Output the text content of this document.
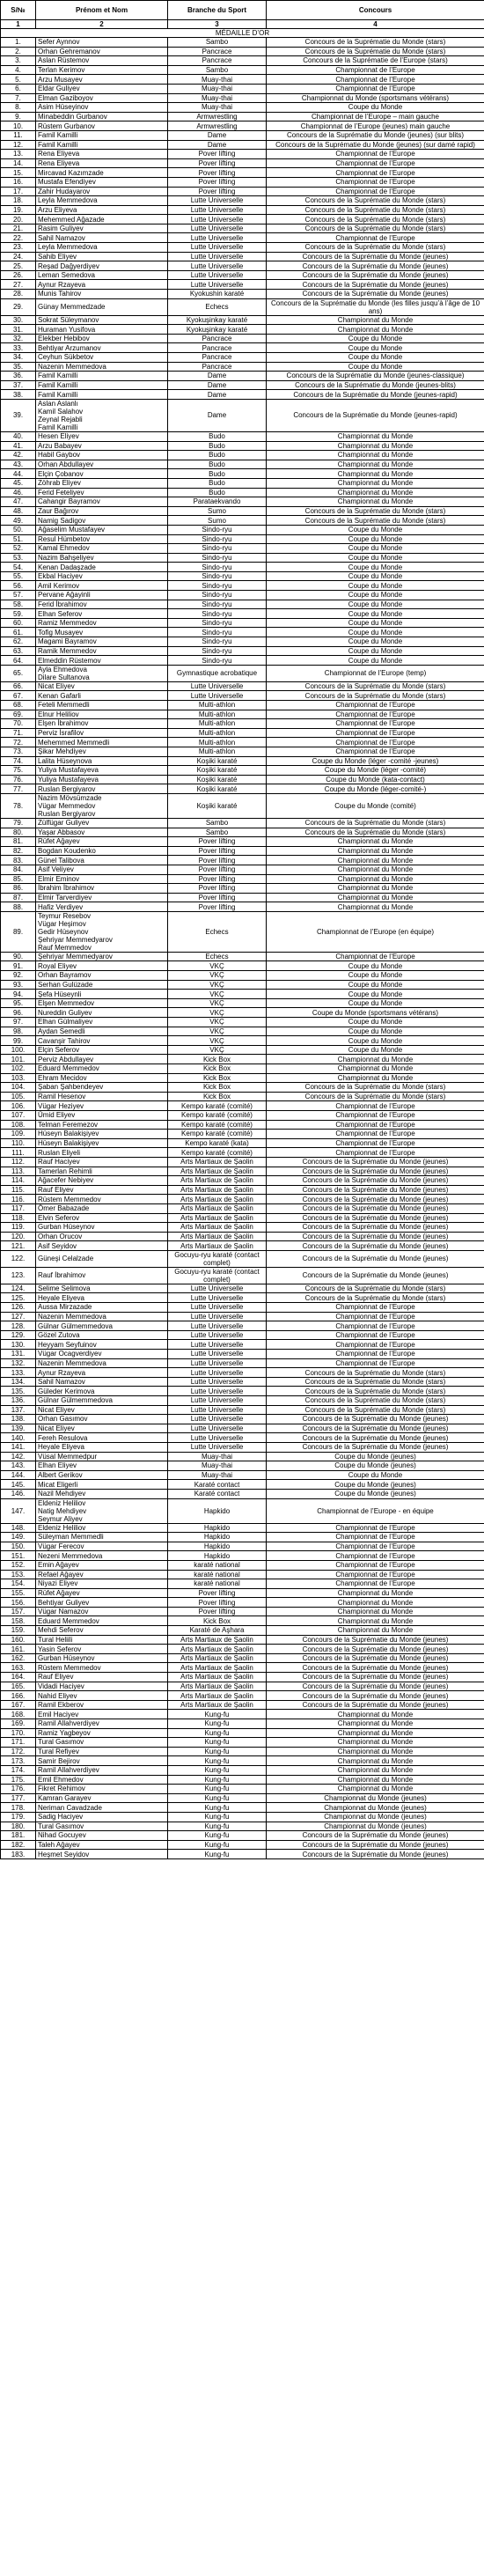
S/№	Prénom et Nom	Branche du Sport	Concours
1	2	3	4
MÉDAILLE D’OR			
1.	Sefer Aynnov	Sambo	Concours de la Suprématie du Monde (stars)
2.	Orhan Gehremanov	Pancrace	Concours de la Suprématie du Monde (stars)
3.	Aslan Rüstemov	Pancrace	Concours de la Suprématie de l’Europe (stars)
4.	Terlan Kerimov	Sambo	Championnat de l’Europe
5.	Arzu Musayev	Muay-thai	Championnat de l’Europe
6.	Eldar Guliyev	Muay-thai	Championnat de l’Europe
7.	Elman Gaziboyov	Muay-thai	Championnat du Monde (sportsmans vétérans)
8.	Asim Hüseyinov	Muay-thai	Coupe du Monde
9.	Minabeddin Gurbanov	Armwrestling	Championnat de l’Europe – main gauche
10.	Rüstem Gurbanov	Armwrestling	Championnat de l’Europe (jeunes) main gauche
11.	Famil Kamilli	Dame	Concours de la Suprématie du Monde (jeunes) (sur blits)
12.	Famil Kamilli	Dame	Concours de la Suprématie du Monde (jeunes) (sur damé rapid)
13.	Rena Eliyeva	Pover lifting	Championnat de l’Europe
14.	Rena Eliyeva	Pover lifting	Championnat de l’Europe
15.	Mircavad Kazımzade	Pover lifting	Championnat de l’Europe
16.	Mustafa Efendiyev	Pover lifting	Championnat de l’Europe
17.	Zahir Hudayarov	Pover lifting	Championnat de l’Europe
18.	Leyla Memmedova	Lutte Universelle	Concours de la Suprématie du Monde (stars)
19.	Arzu Eliyeva	Lutte Universelle	Concours de la Suprématie du Monde (stars)
20.	Mehemmed Ağazade	Lutte Universelle	Concours de la Suprématie du Monde (stars)
21.	Rasim Guliyev	Lutte Universelle	Concours de la Suprématie du Monde (stars)
22.	Sahil Namazov	Lutte Universelle	Championnat de l’Europe
23.	Leyla Memmedova	Lutte Universelle	Concours de la Suprématie du Monde (stars)
24.	Sahib Eliyev	Lutte Universelle	Concours de la Suprématie du Monde (jeunes)
25.	Reşad Dağyerdiyev	Lutte Universelle	Concours de la Suprématie du Monde (jeunes)
26.	Leman Semedova	Lutte Universelle	Concours de la Suprématie du Monde (jeunes)
27.	Aynur Rzayeva	Lutte Universelle	Concours de la Suprématie du Monde (jeunes)
28.	Munis Tahirov	Kyokushin karaté	Concours de la Suprématie du Monde (jeunes)
29.	Günay Memmedzade	Echecs	Concours de la Suprématie du Monde (les filles jusqu’à l’âge de 10 ans)
30.	Sokrat Süleymanov	Kyokuşinkay karaté	Championnat du Monde
31.	Huraman Yusifova	Kyokuşinkay karaté	Championnat du Monde
32.	Elekber Hebibov	Pancrace	Coupe du Monde
33.	Behtiyar Arzumanov	Pancrace	Coupe du Monde
34.	Ceyhun Sükbetov	Pancrace	Coupe du Monde
35.	Nazenin Memmedova	Pancrace	Coupe du Monde
36.	Famil Kamilli	Dame	Concours de la Suprématie du Monde (jeunes-classique)
37.	Famil Kamilli	Dame	Concours de la Suprématie du Monde (jeunes-blits)
38.	Famil Kamilli	Dame	Concours de la Suprématie du Monde (jeunes-rapid)
39.	Aslan Aslanlı
Kamil Salahov
Zeynal Rejabli
Famil Kamilli	Dame	Concours de la Suprématie du Monde (jeunes-rapid)
40.	Hesen Eliyev	Budo	Championnat du Monde
41.	Arzu Babayev	Budo	Championnat du Monde
42.	Habil Gaybov	Budo	Championnat du Monde
43.	Orhan Abdullayev	Budo	Championnat du Monde
44.	Elçin Çobanov	Budo	Championnat du Monde
45.	Zöhrab Eliyev	Budo	Championnat du Monde
46.	Ferid Feteliyev	Budo	Championnat du Monde
47.	Cahangir Bayramov	Parataekvando	Championnat du Monde
48.	Zaur Bağırov	Sumo	Concours de la Suprématie du Monde (stars)
49.	Namig Sadigov	Sumo	Concours de la Suprématie du Monde (stars)
50.	Ağaselim Mustafayev	Sindo-ryu	Coupe du Monde
51.	Resul Hümbetov	Sindo-ryu	Coupe du Monde
52.	Kamal Ehmedov	Sindo-ryu	Coupe du Monde
53.	Nazim Bahşeliyev	Sindo-ryu	Coupe du Monde
54.	Kenan Dadaşzade	Sindo-ryu	Coupe du Monde
55.	Ekbal Haciyev	Sindo-ryu	Coupe du Monde
56.	Amil Kerimov	Sindo-ryu	Coupe du Monde
57.	Pervane Ağayinli	Sindo-ryu	Coupe du Monde
58.	Ferid İbrahimov	Sindo-ryu	Coupe du Monde
59.	Elhan Seferov	Sindo-ryu	Coupe du Monde
60.	Ramiz Memmedov	Sindo-ryu	Coupe du Monde
61.	Tofig Musayev	Sindo-ryu	Coupe du Monde
62.	Magami Bayramov	Sindo-ryu	Coupe du Monde
63.	Ramik Memmedov	Sindo-ryu	Coupe du Monde
64.	Elmeddin Rüstemov	Sindo-ryu	Coupe du Monde
65.	Ayla Ehmedova
Dilare Sultanova	Gymnastique acrobatique	Championnat de l’Europe (temp)
66.	Nicat Eliyev	Lutte Universelle	Concours de la Suprématie du Monde (stars)
67.	Kenan Gafarli	Lutte Universelle	Concours de la Suprématie du Monde (stars)
68.	Feteli Memmedli	Multi-athlon	Championnat de l’Europe
69.	Elnur Heliliov	Multi-athlon	Championnat de l’Europe
70.	Elşen İbrahimov	Multi-athlon	Championnat de l’Europe
71.	Perviz İsrafilov	Multi-athlon	Championnat de l’Europe
72.	Mehemmed Memmedli	Multi-athlon	Championnat de l’Europe
73.	Şikar Mehdiyev	Multi-athlon	Championnat de l’Europe
74.	Lalita Hüseynova	Koşiki karaté	Coupe du Monde (léger -comité -jeunes)
75.	Yuliya Mustafayeva	Koşiki karaté	Coupe du Monde (léger -comité)
76.	Yuliya Mustafayeva	Koşiki karaté	Coupe du Monde (kata-contact)
77.	Ruslan Bergiyarov	Koşiki karaté	Coupe du Monde (léger-comité-)
78.	Nazim Mövsümzade
Vügar Memmedov
Ruslan Bergiyarov	Koşiki karaté	Coupe du Monde (comité)
79.	Zülfügar Guliyev	Sambo	Concours de la Suprématie du Monde (stars)
80.	Yaşar Abbasov	Sambo	Concours de la Suprématie du Monde (stars)
81.	Rüfet Ağayev	Pover lifting	Championnat du Monde
82.	Bogdan Koudenko	Pover lifting	Championnat du Monde
83.	Günel Talibova	Pover lifting	Championnat du Monde
84.	Asif Veliyev	Pover lifting	Championnat du Monde
85.	Elmir Eminov	Pover lifting	Championnat du Monde
86.	İbrahim İbrahimov	Pover lifting	Championnat du Monde
87.	Elmir Tarverdiyev	Pover lifting	Championnat du Monde
88.	Hafiz Verdiyev	Pover lifting	Championnat du Monde
89.	Teymur Resebov
Vügar Heşimov
Gedir Hüseynov
Şehriyar Memmedyarov
Rauf Memmedov	Echecs	Championnat de l’Europe (en équipe)
90.	Şehriyar Memmedyarov	Echecs	Championnat de l’Europe
91.	Royal Eliyev	VKÇ	Coupe du Monde
92.	Orhan Bayramov	VKÇ	Coupe du Monde
93.	Serhan Gulüzade	VKÇ	Coupe du Monde
94.	Şefa Hüseynli	VKÇ	Coupe du Monde
95.	Elşen Memmedov	VKÇ	Coupe du Monde
96.	Nureddin Guliyev	VKÇ	Coupe du Monde (sportsmans vétérans)
97.	Elhan Gülmaliyev	VKÇ	Coupe du Monde
98.	Aydan Semedli	VKÇ	Coupe du Monde
99.	Cavanşir Tahirov	VKÇ	Coupe du Monde
100.	Elçin Seferov	VKÇ	Coupe du Monde
101.	Perviz Abdullayev	Kick Box	Championnat du Monde
102.	Eduard Memmedov	Kick Box	Championnat du Monde
103.	Ehram Mecidov	Kick Box	Championnat du Monde
104.	Şaban Şahbendeyev	Kick Box	Concours de la Suprématie du Monde (stars)
105.	Ramil Hesenov	Kick Box	Concours de la Suprématie du Monde (stars)
106.	Vügar Heziyev	Kempo karaté (comité)	Championnat de l’Europe
107.	Ümid Eliyev	Kempo karaté (comité)	Championnat de l’Europe
108.	Telman Feremezov	Kempo karaté (comité)	Championnat de l’Europe
109.	Hüseyn Balakişiyev	Kempo karaté (comité)	Championnat de l’Europe
110.	Hüseyn Balakişiyev	Kempo karaté (kata)	Championnat de l’Europe
111.	Ruslan Eliyeli	Kempo karaté (comité)	Championnat de l’Europe
112.	Rauf Haciyev	Arts Martiaux de Şaolin	Concours de la Suprématie du Monde (jeunes)
113.	Tamerlan Rehimli	Arts Martiaux de Şaolin	Concours de la Suprématie du Monde (jeunes)
114.	Ağacefer Nebiyev	Arts Martiaux de Şaolin	Concours de la Suprématie du Monde (jeunes)
115.	Rauf Eliyev	Arts Martiaux de Şaolin	Concours de la Suprématie du Monde (jeunes)
116.	Rüstem Memmedov	Arts Martiaux de Şaolin	Concours de la Suprématie du Monde (jeunes)
117.	Ömer Babazade	Arts Martiaux de Şaolin	Concours de la Suprématie du Monde (jeunes)
118.	Elvin Seferov	Arts Martiaux de Şaolin	Concours de la Suprématie du Monde (jeunes)
119.	Gurban Hüseynov	Arts Martiaux de Şaolin	Concours de la Suprématie du Monde (jeunes)
120.	Orhan Orucov	Arts Martiaux de Şaolin	Concours de la Suprématie du Monde (jeunes)
121.	Asif Seyidov	Arts Martiaux de Şaolin	Concours de la Suprématie du Monde (jeunes)
122.	Güneşi Celalzade	Gocuyu-ryu karaté (contact complet)	Concours de la Suprématie du Monde (jeunes)
123.	Rauf İbrahimov	Gocuyu-ryu karaté (contact complet)	Concours de la Suprématie du Monde (jeunes)
124.	Selime Selimova	Lutte Universelle	Concours de la Suprématie du Monde (stars)
125.	Heyale Eliyeva	Lutte Universelle	Concours de la Suprématie du Monde (stars)
126.	Aussa Mirzazade	Lutte Universelle	Championnat de l’Europe
127.	Nazenin Memmedova	Lutte Universelle	Championnat de l’Europe
128.	Gülnar Gülmemmedova	Lutte Universelle	Championnat de l’Europe
129.	Gözel Zutova	Lutte Universelle	Championnat de l’Europe
130.	Heyyam Seyfuinov	Lutte Universelle	Championnat de l’Europe
131.	Vügar Ocagverdiyev	Lutte Universelle	Championnat de l’Europe
132.	Nazenin Memmedova	Lutte Universelle	Championnat de l’Europe
133.	Aynur Rzayeva	Lutte Universelle	Concours de la Suprématie du Monde (stars)
134.	Sahil Namazov	Lutte Universelle	Concours de la Suprématie du Monde (stars)
135.	Güleder Kerimova	Lutte Universelle	Concours de la Suprématie du Monde (stars)
136.	Gülnar Gülmemmedova	Lutte Universelle	Concours de la Suprématie du Monde (stars)
137.	Nicat Eliyev	Lutte Universelle	Concours de la Suprématie du Monde (stars)
138.	Orhan Gasımov	Lutte Universelle	Concours de la Suprématie du Monde (jeunes)
139.	Nicat Eliyev	Lutte Universelle	Concours de la Suprématie du Monde (jeunes)
140.	Fereh Resulova	Lutte Universelle	Concours de la Suprématie du Monde (jeunes)
141.	Heyale Eliyeva	Lutte Universelle	Concours de la Suprématie du Monde (jeunes)
142.	Vüsal Memmedpur	Muay-thai	Coupe du Monde (jeunes)
143.	Elhan Eliyev	Muay-thai	Coupe du Monde (jeunes)
144.	Albert Gerikov	Muay-thai	Coupe du Monde
145.	Micat Eligerli	Karaté contact	Coupe du Monde (jeunes)
146.	Nazil Mehdiyev	Karaté contact	Coupe du Monde (jeunes)
147.	Eldeniz Heliliov
Natig Mehdiyev
Seymur Aliyev	Hapkido	Championnat de l’Europe - en équipe
148.	Eldeniz Heliliov	Hapkido	Championnat de l’Europe
149.	Süleyman Memmedli	Hapkido	Championnat de l’Europe
150.	Vügar Ferecov	Hapkido	Championnat de l’Europe
151.	Nezeni Memmedova	Hapkido	Championnat de l’Europe
152.	Emin Ağayev	karaté national	Championnat de l’Europe
153.	Refael Ağayev	karaté national	Championnat de l’Europe
154.	Niyazi Eliyev	karaté national	Championnat de l’Europe
155.	Rüfet Ağayev	Pover lifting	Championnat du Monde
156.	Behtiyar Guliyev	Pover lifting	Championnat du Monde
157.	Vügar Namazov	Pover lifting	Championnat du Monde
158.	Eduard Memmedov	Kick Box	Championnat du Monde
159.	Mehdi Seferov	Karaté de Aşhara	Championnat du Monde
160.	Tural Heliili	Arts Martiaux de Şaolin	Concours de la Suprématie du Monde (jeunes)
161.	Yasin Seferov	Arts Martiaux de Şaolin	Concours de la Suprématie du Monde (jeunes)
162.	Gurban Hüseynov	Arts Martiaux de Şaolin	Concours de la Suprématie du Monde (jeunes)
163.	Rüstem Memmedov	Arts Martiaux de Şaolin	Concours de la Suprématie du Monde (jeunes)
164.	Rauf Eliyev	Arts Martiaux de Şaolin	Concours de la Suprématie du Monde (jeunes)
165.	Vidadi Haciyev	Arts Martiaux de Şaolin	Concours de la Suprématie du Monde (jeunes)
166.	Nahid Eliyev	Arts Martiaux de Şaolin	Concours de la Suprématie du Monde (jeunes)
167.	Ramil Ekberov	Arts Martiaux de Şaolin	Concours de la Suprématie du Monde (jeunes)
168.	Emil Haciyev	Kung-fu	Championnat du Monde
169.	Ramil Allahverdiyev	Kung-fu	Championnat du Monde
170.	Ramiz Yagbeyov	Kung-fu	Championnat du Monde
171.	Tural Gasımov	Kung-fu	Championnat du Monde
172.	Tural Refiyev	Kung-fu	Championnat du Monde
173.	Samir Bejirov	Kung-fu	Championnat du Monde
174.	Ramil Allahverdiyev	Kung-fu	Championnat du Monde
175.	Emil Ehmedov	Kung-fu	Championnat du Monde
176.	Fikret Rehimov	Kung-fu	Championnat du Monde
177.	Kamran Garayev	Kung-fu	Championnat du Monde (jeunes)
178.	Neriman Cavadzade	Kung-fu	Championnat du Monde (jeunes)
179.	Sadig Haciyev	Kung-fu	Championnat du Monde (jeunes)
180.	Tural Gasımov	Kung-fu	Championnat du Monde (jeunes)
181.	Nihad Gocuyev	Kung-fu	Concours de la Suprématie du Monde (jeunes)
182.	Taleh Ağayev	Kung-fu	Concours de la Suprématie du Monde (jeunes)
183.	Heşmet Seyidov	Kung-fu	Concours de la Suprématie du Monde (jeunes)
